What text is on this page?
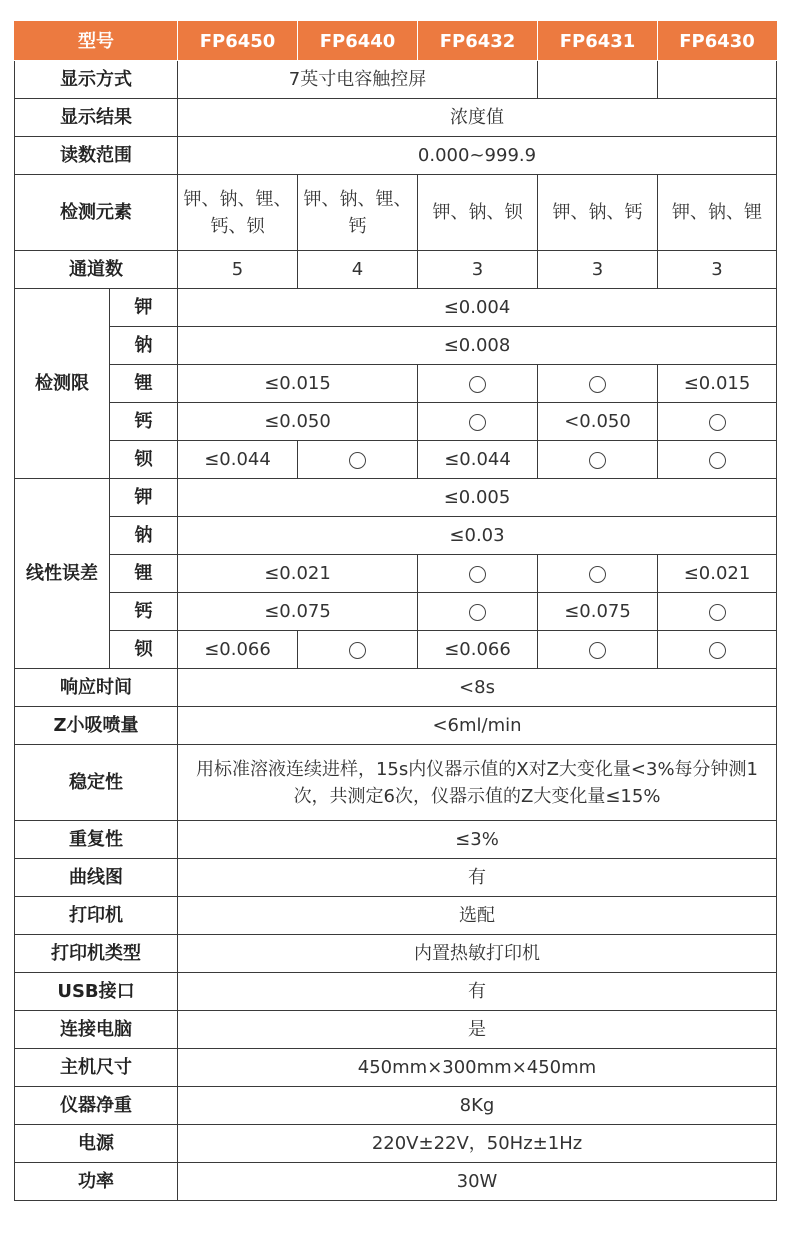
型号		FP6450	FP6440	FP6432	FP6431	FP6430
显示方式		7英寸电容触控屏				
显示结果		浓度值				
读数范围		0.000~999.9				
检测元素		钾、钠、锂、钙、钡	钾、钠、锂、钙	钾、钠、钡	钾、钠、钙	钾、钠、锂
通道数		5	4	3	3	3
检测限	钾	≤0.004				
	钠	≤0.008				
	锂	≤0.015				≤0.015
	钙	≤0.050			<0.050	
	钡	≤0.044		≤0.044		
线性误差	钾	≤0.005				
	钠	≤0.03				
	锂	≤0.021				≤0.021
	钙	≤0.075			≤0.075	
	钡	≤0.066		≤0.066		
响应时间		<8s				
Z小吸喷量		<6ml/min				
稳定性		用标准溶液连续进样，15s内仪器示值的X对Z大变化量<3%每分钟测1次，共测定6次，仪器示值的Z大变化量≤15%				
重复性		≤3%				
曲线图		有				
打印机		选配				
打印机类型		内置热敏打印机				
USB接口		有				
连接电脑		是				
主机尺寸		450mm×300mm×450mm				
仪器净重		8Kg				
电源		220V±22V，50Hz±1Hz				
功率		30W				
